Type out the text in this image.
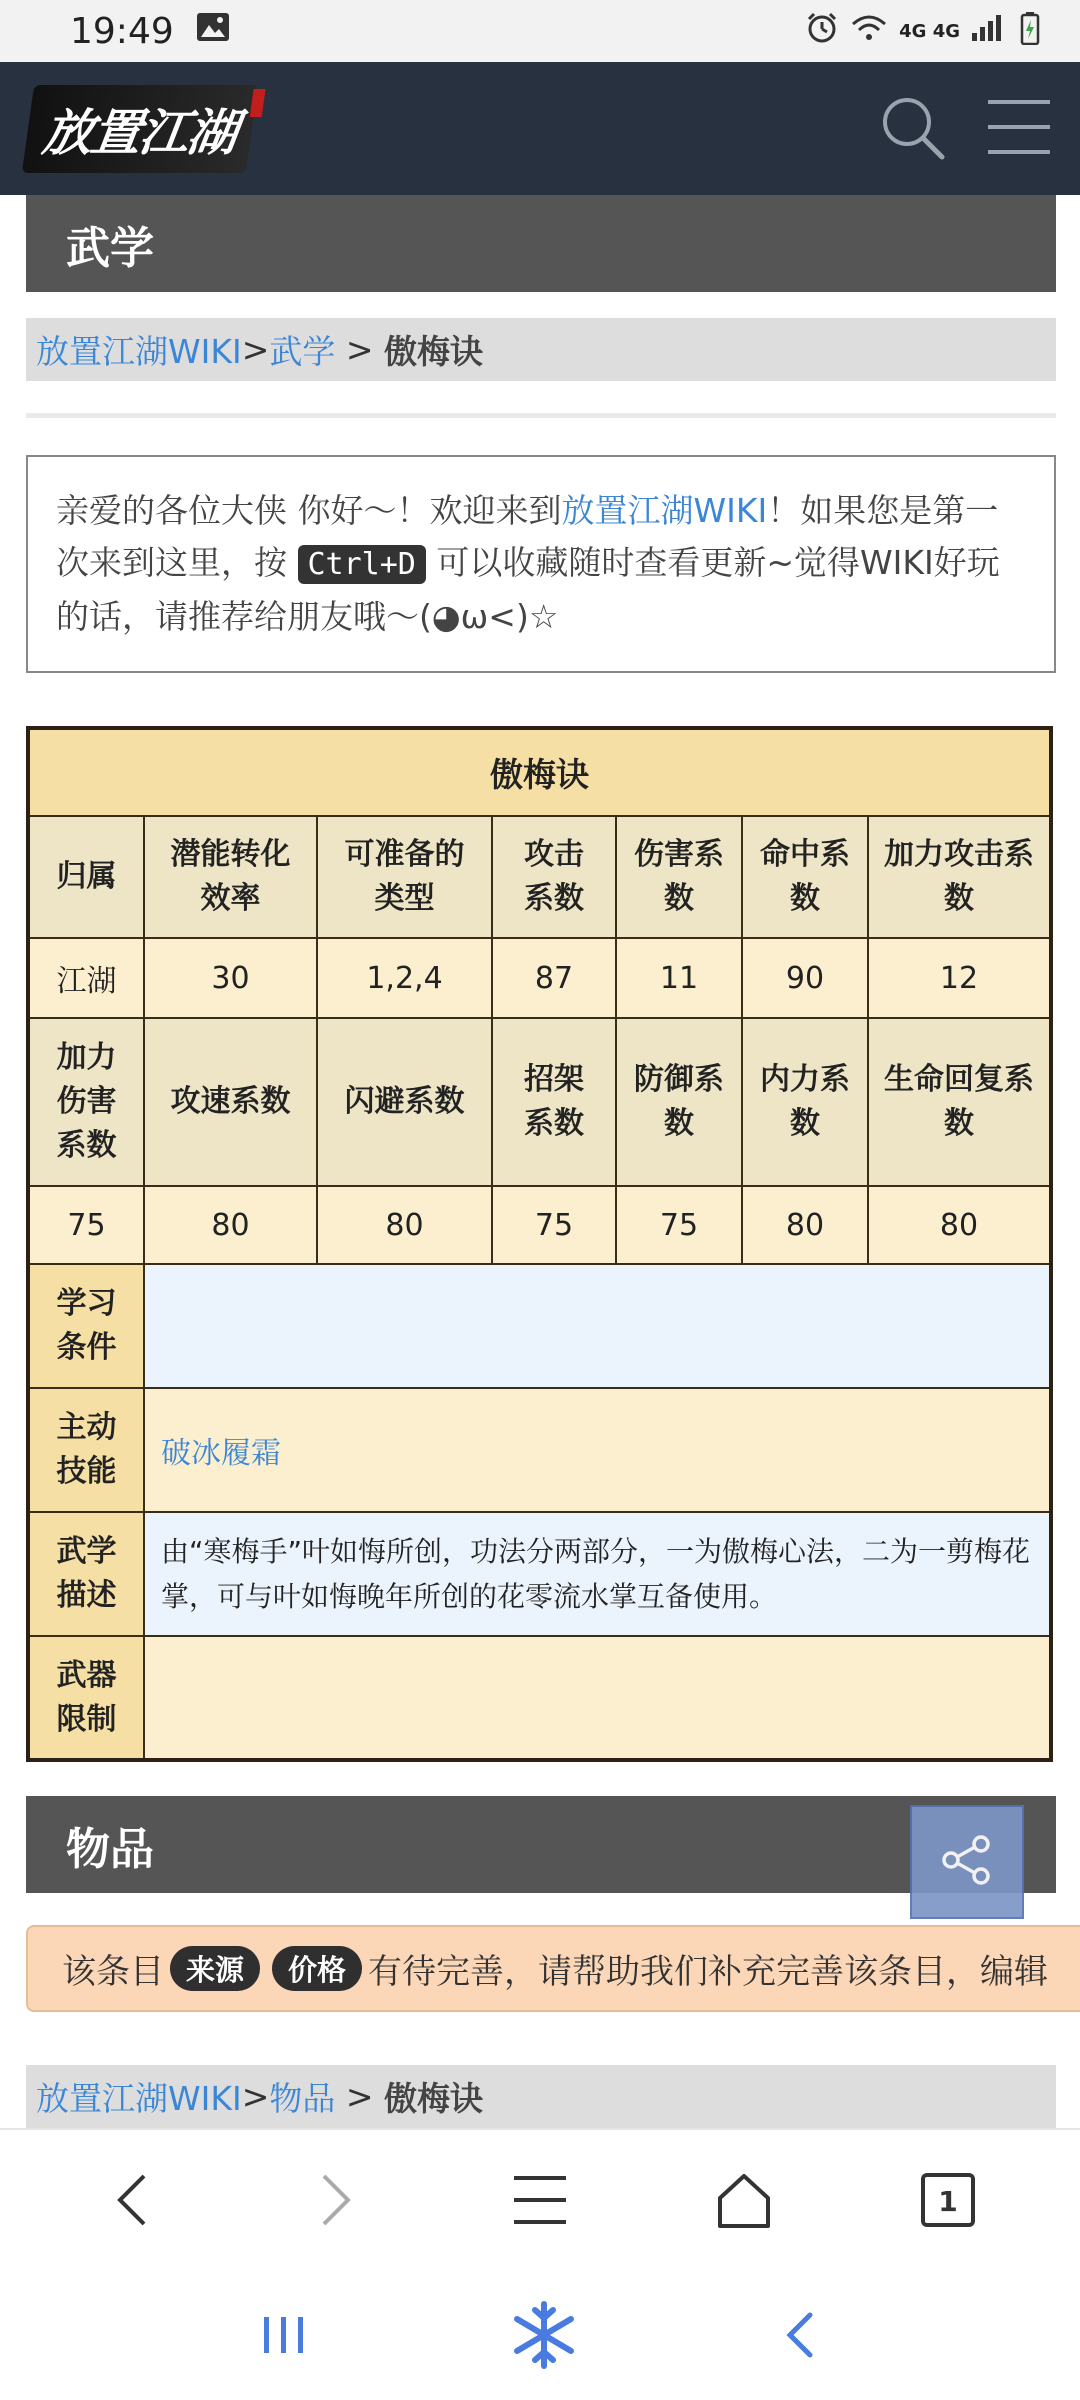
19:49	4G 4G
放置江湖
武学
放置江湖WIKI > 武学 > 傲梅诀
亲爱的各位大侠 你好～！欢迎来到放置江湖WIKI！如果您是第一次来到这里，按 Ctrl+D 可以收藏随时查看更新~觉得WIKI好玩的话，请推荐给朋友哦～(◕ω<)☆
傲梅诀						
归属	潜能转化效率	可准备的类型	攻击系数	伤害系数	命中系数	加力攻击系数
江湖	30	1,2,4	87	11	90	12
加力伤害系数	攻速系数	闪避系数	招架系数	防御系数	内力系数	生命回复系数
75	80	80	75	75	80	80
学习条件						
主动技能	破冰履霜					
武学描述	由“寒梅手”叶如悔所创，功法分两部分，一为傲梅心法，二为一剪梅花掌，可与叶如悔晚年所创的花零流水掌互备使用。					
武器限制						
物品
该条目 来源	价格 有待完善，请帮助我们补充完善该条目，编辑
放置江湖WIKI > 物品 > 傲梅诀
1
